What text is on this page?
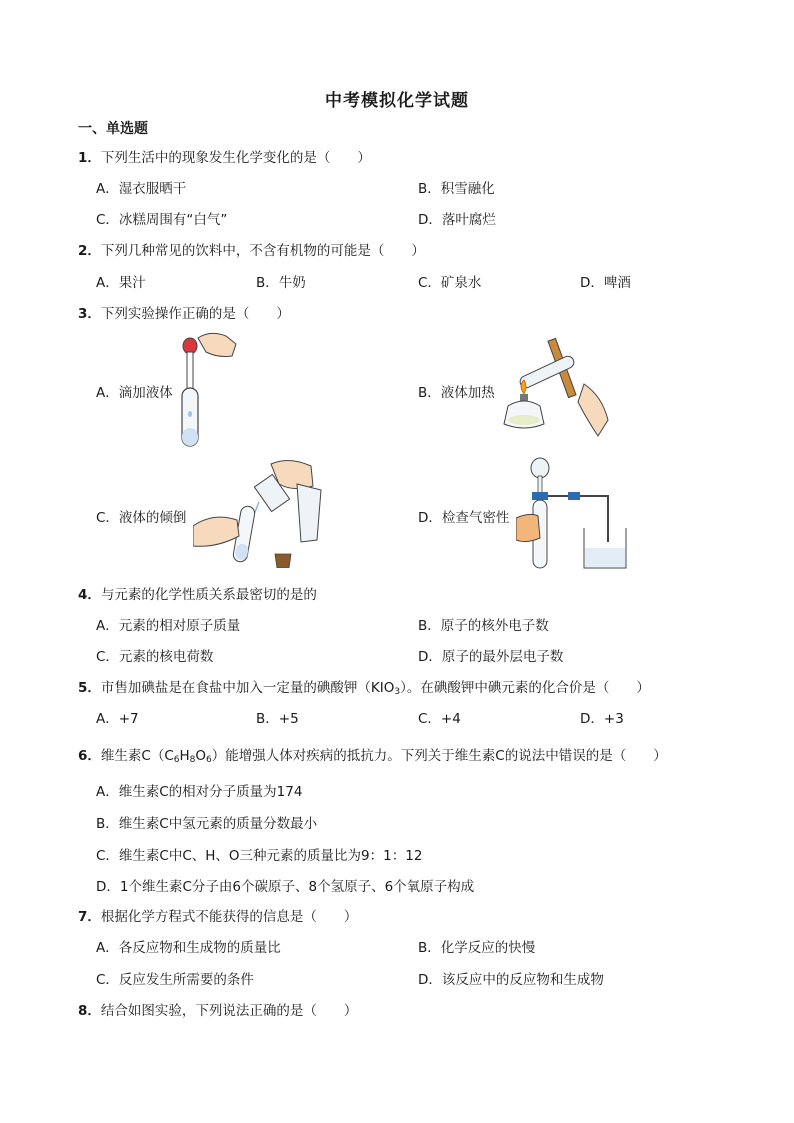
中考模拟化学试题
一、单选题
1．下列生活中的现象发生化学变化的是（　　）
A．湿衣服晒干	B．积雪融化
C．冰糕周围有“白气”	D．落叶腐烂
2．下列几种常见的饮料中，不含有机物的可能是（　　）
A．果汁	B．牛奶	C．矿泉水	D．啤酒
3．下列实验操作正确的是（　　）
A．滴加液体	B．液体加热
C．液体的倾倒	D．检查气密性
4．与元素的化学性质关系最密切的是的
A．元素的相对原子质量	B．原子的核外电子数
C．元素的核电荷数	D．原子的最外层电子数
5．市售加碘盐是在食盐中加入一定量的碘酸钾$(KIO_3)$。在碘酸钾中碘元素的化合价是（　　）
A．+7	B．+5	C．+4	D．+3
6．维生素$C(C_6H_8O_6)$能增强人体对疾病的抵抗力。下列关于维生素C的说法中错误的是（　　）
A．维生素C的相对分子质量为174
B．维生素C中氢元素的质量分数最小
C．维生素C中C、H、O三种元素的质量比为9：1：12
D．1个维生素C分子由6个碳原子、8个氢原子、6个氧原子构成
7．根据化学方程式不能获得的信息是（　　）
A．各反应物和生成物的质量比	B．化学反应的快慢
C．反应发生所需要的条件	D．该反应中的反应物和生成物
8．结合如图实验，下列说法正确的是（　　）
